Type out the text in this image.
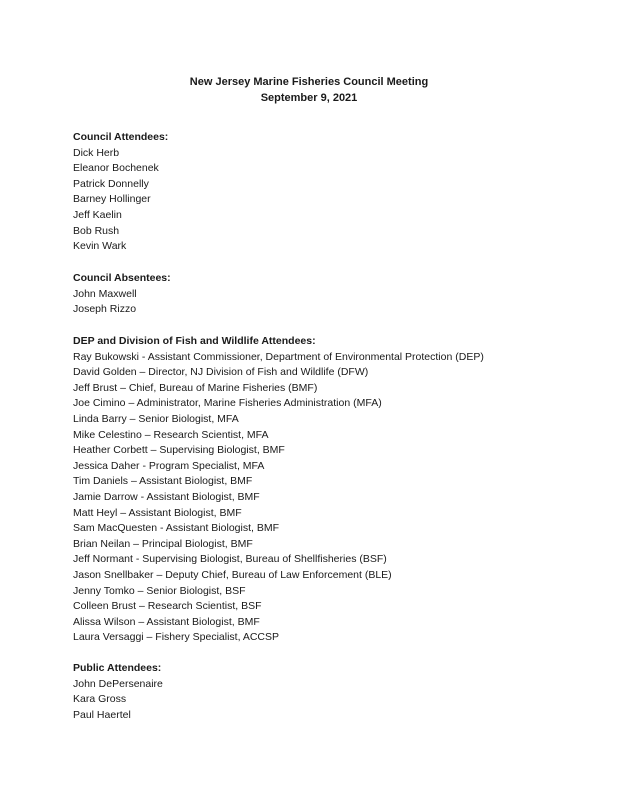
New Jersey Marine Fisheries Council Meeting
September 9, 2021
Council Attendees:
Dick Herb
Eleanor Bochenek
Patrick Donnelly
Barney Hollinger
Jeff Kaelin
Bob Rush
Kevin Wark
Council Absentees:
John Maxwell
Joseph Rizzo
DEP and Division of Fish and Wildlife Attendees:
Ray Bukowski - Assistant Commissioner, Department of Environmental Protection (DEP)
David Golden – Director, NJ Division of Fish and Wildlife (DFW)
Jeff Brust – Chief, Bureau of Marine Fisheries (BMF)
Joe Cimino – Administrator, Marine Fisheries Administration (MFA)
Linda Barry – Senior Biologist, MFA
Mike Celestino – Research Scientist, MFA
Heather Corbett – Supervising Biologist, BMF
Jessica Daher - Program Specialist, MFA
Tim Daniels – Assistant Biologist, BMF
Jamie Darrow - Assistant Biologist, BMF
Matt Heyl – Assistant Biologist, BMF
Sam MacQuesten - Assistant Biologist, BMF
Brian Neilan – Principal Biologist, BMF
Jeff Normant - Supervising Biologist, Bureau of Shellfisheries (BSF)
Jason Snellbaker – Deputy Chief, Bureau of Law Enforcement (BLE)
Jenny Tomko – Senior Biologist, BSF
Colleen Brust – Research Scientist, BSF
Alissa Wilson – Assistant Biologist, BMF
Laura Versaggi – Fishery Specialist, ACCSP
Public Attendees:
John DePersenaire
Kara Gross
Paul Haertel
